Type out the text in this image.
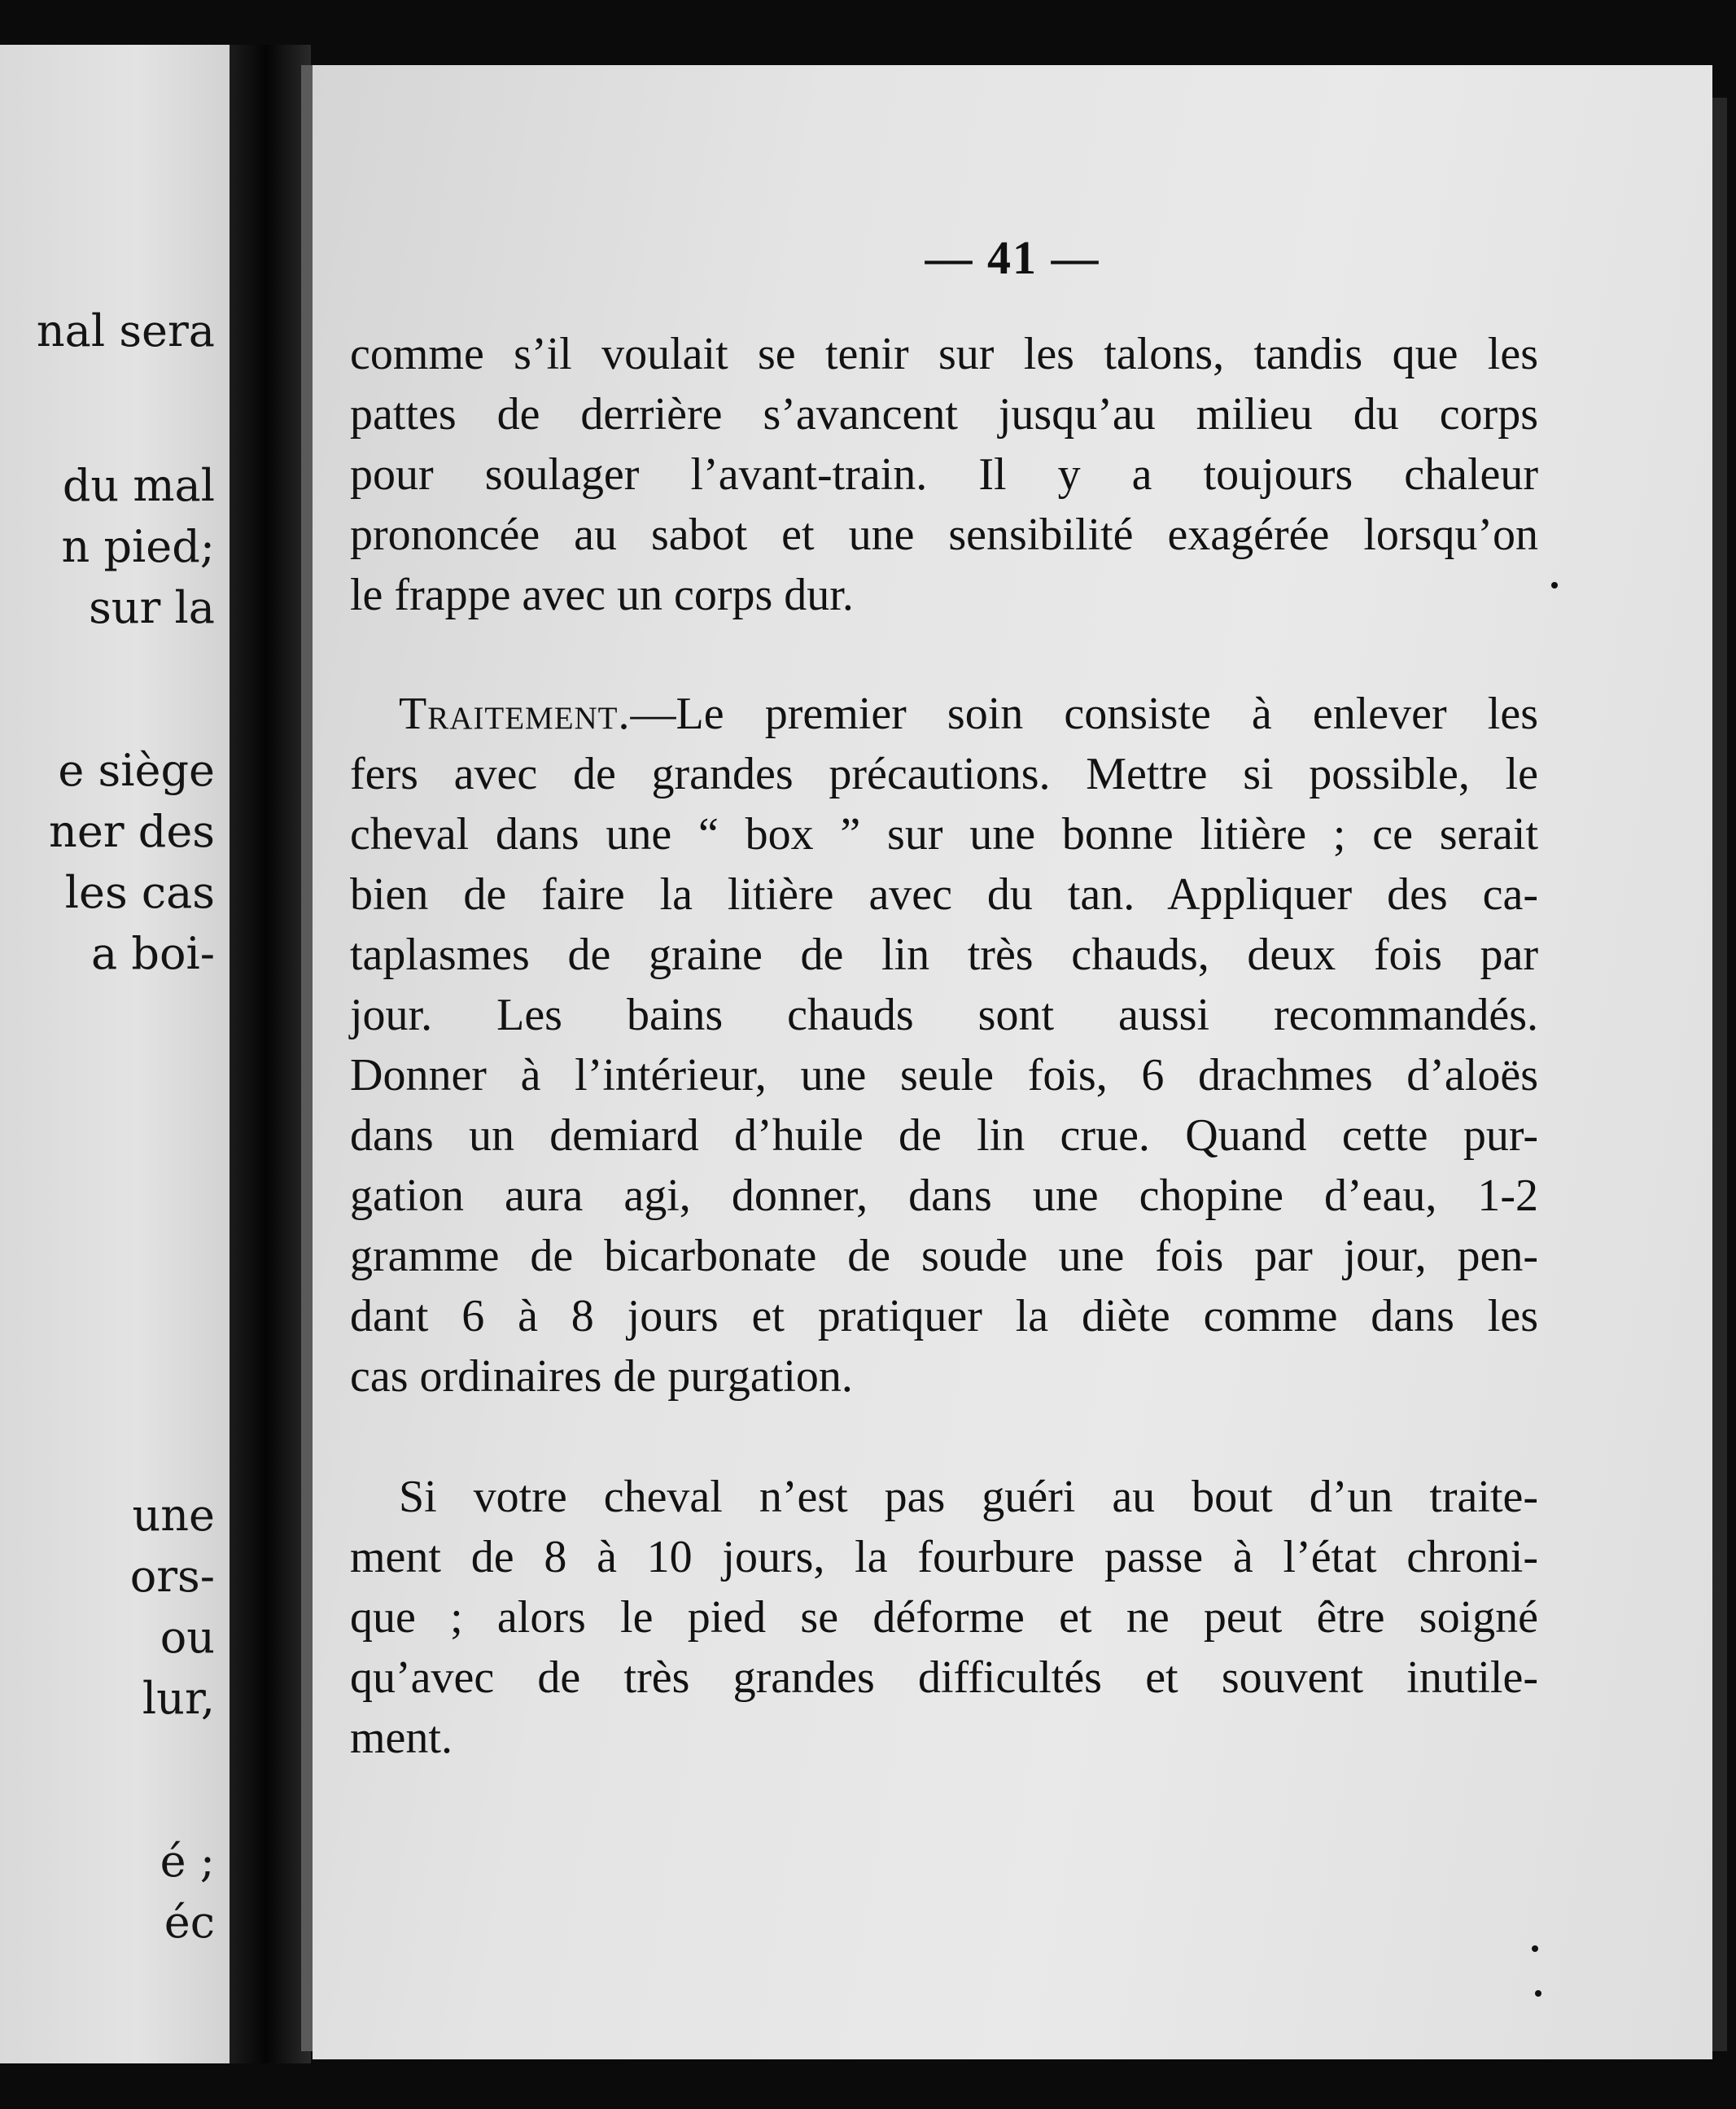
nal sera
du mal
n pied;
sur la
e siège
ner des
les cas
a boi-
une
ors-
ou
lur,
é ;
éc
— 41 —
comme s’il voulait se tenir sur les talons, tandis que les
pattes de derrière s’avancent jusqu’au milieu du corps
pour soulager l’avant-train. Il y a toujours chaleur
prononcée au sabot et une sensibilité exagérée lorsqu’on
le frappe avec un corps dur.
Traitement.—Le premier soin consiste à enlever les
fers avec de grandes précautions. Mettre si possible, le
cheval dans une “ box ” sur une bonne litière ; ce serait
bien de faire la litière avec du tan. Appliquer des ca-
taplasmes de graine de lin très chauds, deux fois par
jour. Les bains chauds sont aussi recommandés.
Donner à l’intérieur, une seule fois, 6 drachmes d’aloës
dans un demiard d’huile de lin crue. Quand cette pur-
gation aura agi, donner, dans une chopine d’eau, 1-2
gramme de bicarbonate de soude une fois par jour, pen-
dant 6 à 8 jours et pratiquer la diète comme dans les
cas ordinaires de purgation.
Si votre cheval n’est pas guéri au bout d’un traite-
ment de 8 à 10 jours, la fourbure passe à l’état chroni-
que ; alors le pied se déforme et ne peut être soigné
qu’avec de très grandes difficultés et souvent inutile-
ment.
